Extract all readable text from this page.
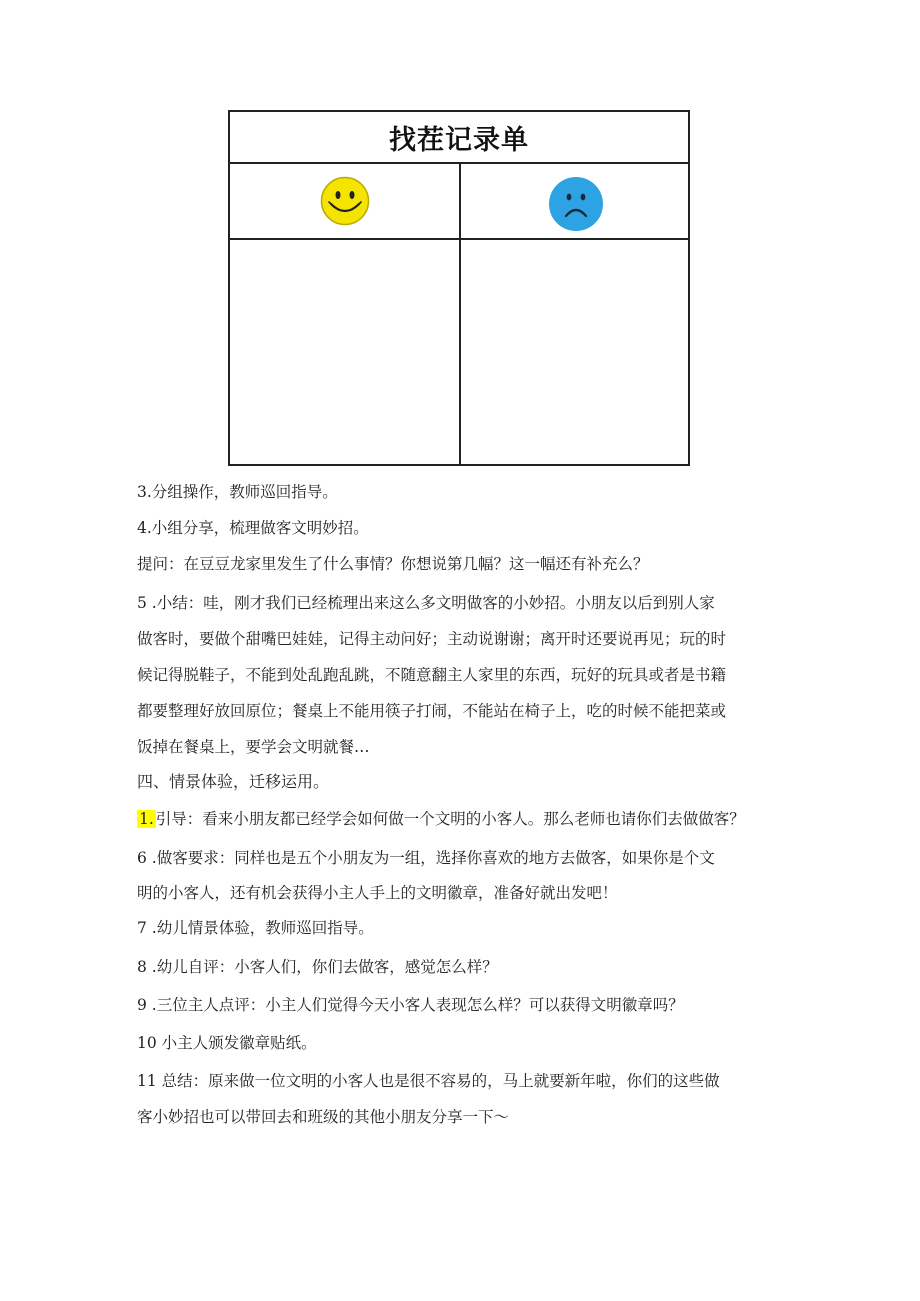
找茬记录单
3.分组操作，教师巡回指导。
4.小组分享，梳理做客文明妙招。
提问：在豆豆龙家里发生了什么事情？你想说第几幅？这一幅还有补充么？
5 .小结：哇，刚才我们已经梳理出来这么多文明做客的小妙招。小朋友以后到别人家
做客时，要做个甜嘴巴娃娃，记得主动问好；主动说谢谢；离开时还要说再见；玩的时
候记得脱鞋子，不能到处乱跑乱跳，不随意翻主人家里的东西，玩好的玩具或者是书籍
都要整理好放回原位；餐桌上不能用筷子打闹，不能站在椅子上，吃的时候不能把菜或
饭掉在餐桌上，要学会文明就餐…
四、情景体验，迁移运用。
1. 引导：看来小朋友都已经学会如何做一个文明的小客人。那么老师也请你们去做做客？
6 .做客要求：同样也是五个小朋友为一组，选择你喜欢的地方去做客，如果你是个文
明的小客人，还有机会获得小主人手上的文明徽章，准备好就出发吧！
7 .幼儿情景体验，教师巡回指导。
8 .幼儿自评：小客人们，你们去做客，感觉怎么样？
9 .三位主人点评：小主人们觉得今天小客人表现怎么样？可以获得文明徽章吗？
10 小主人颁发徽章贴纸。
11 总结：原来做一位文明的小客人也是很不容易的，马上就要新年啦，你们的这些做
客小妙招也可以带回去和班级的其他小朋友分享一下～
